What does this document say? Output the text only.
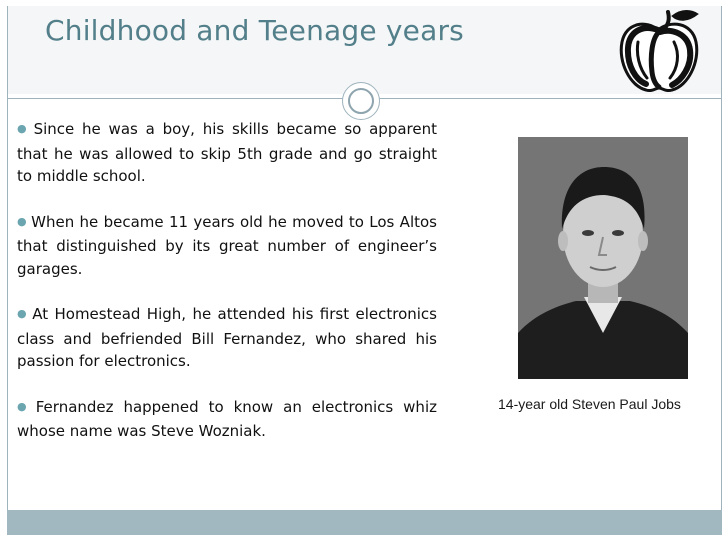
Childhood and Teenage years
● Since he was a boy, his skills became so apparent that he was allowed to skip 5th grade and go straight to middle school.
● When he became 11 years old he moved to Los Altos that distinguished by its great number of engineer’s garages.
● At Homestead High, he attended his first electronics class and befriended Bill Fernandez, who shared his passion for electronics.
● Fernandez happened to know an electronics whiz whose name was Steve Wozniak.
14-year old Steven Paul Jobs
